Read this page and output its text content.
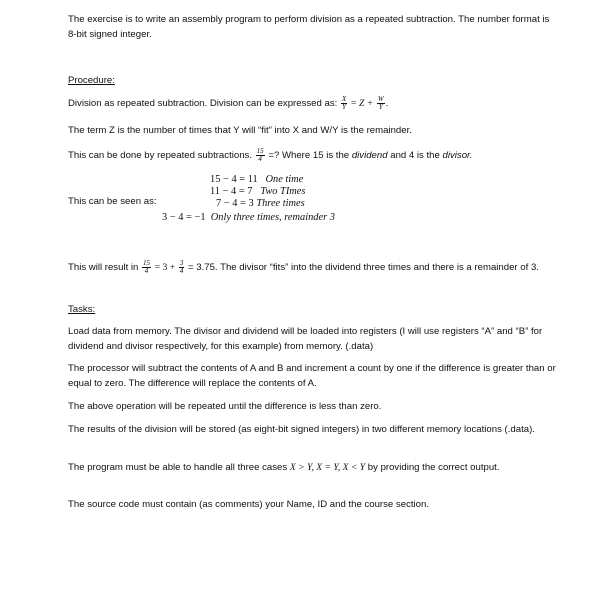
The exercise is to write an assembly program to perform division as a repeated subtraction. The number format is 8-bit signed integer.

Procedure:

Division as repeated subtraction. Division can be expressed as: $\frac{X}{Y} = Z + \frac{W}{Y}$ .

The term Z is the number of times that Y will “fit” into X and W/Y is the remainder.

This can be done by repeated subtractions. $\frac{15}{4}$ =? Where 15 is the dividend and 4 is the divisor.

This can be seen as:

15 − 4 = 11 One time
11 − 4 = 7 Two TImes
7 − 4 = 3 Three times
3 − 4 = −1 Only three times, remainder 3

This will result in $\frac{15}{4} = 3 + \frac{3}{4} = 3.75$. The divisor “fits” into the dividend three times and there is a remainder of 3.

Tasks:

Load data from memory. The divisor and dividend will be loaded into registers (I will use registers “A” and “B” for dividend and divisor respectively, for this example) from memory. (.data)

The processor will subtract the contents of A and B and increment a count by one if the difference is greater than or equal to zero. The difference will replace the contents of A.

The above operation will be repeated until the difference is less than zero.

The results of the division will be stored (as eight-bit signed integers) in two different memory locations (.data).

The program must be able to handle all three cases X > Y, X = Y, X < Y by providing the correct output.

The source code must contain (as comments) your Name, ID and the course section.
